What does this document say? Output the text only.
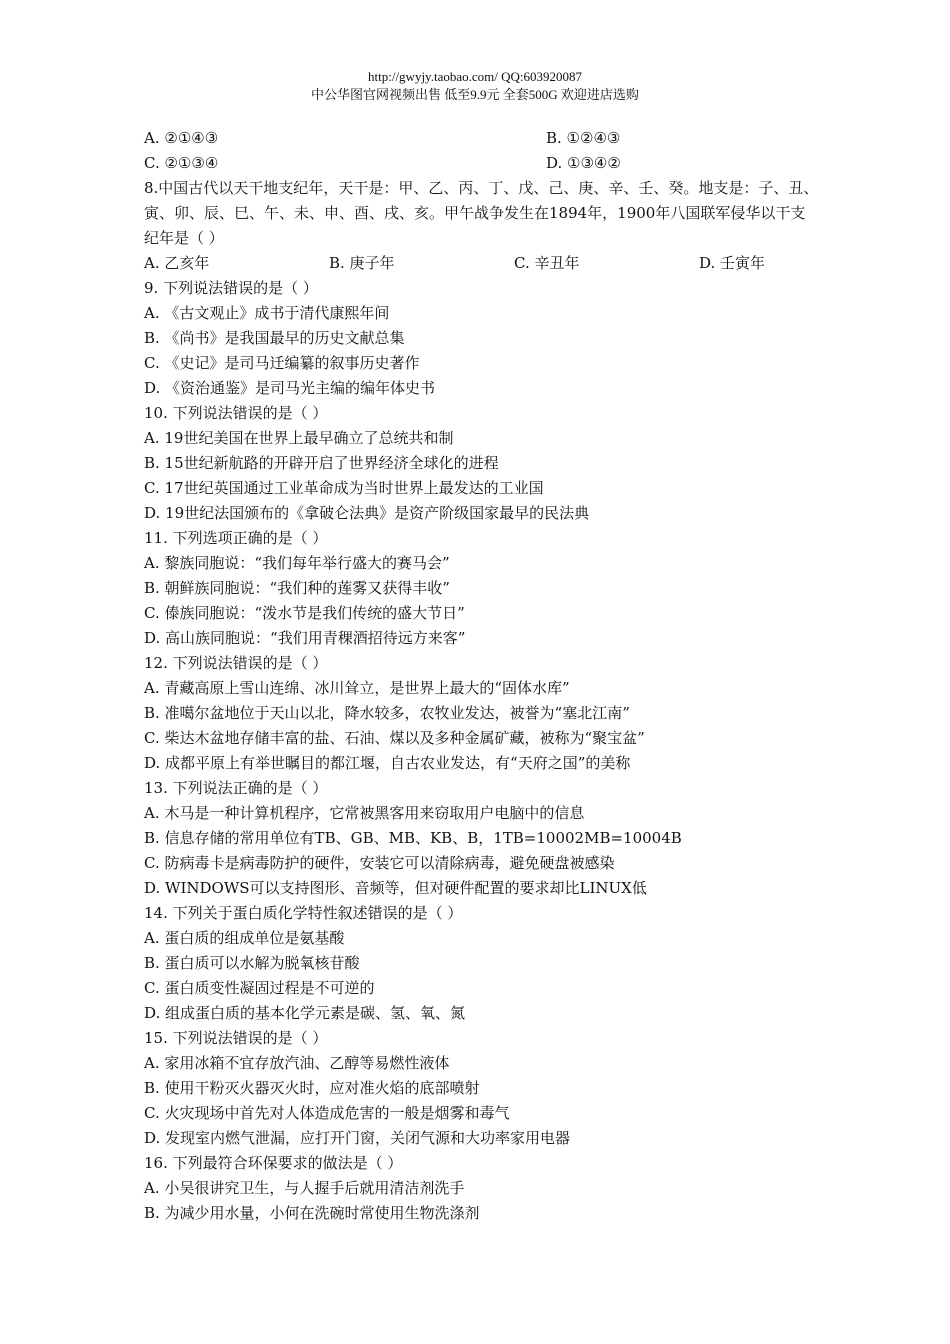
http://gwyjy.taobao.com/ QQ:603920087
中公华图官网视频出售 低至9.9元 全套500G 欢迎进店选购
A. ②①④③	B. ①②④③
C. ②①③④	D. ①③④②
8.中国古代以天干地支纪年，天干是：甲、乙、丙、丁、戊、己、庚、辛、壬、癸。地支是：子、丑、
寅、卯、辰、巳、午、未、申、酉、戌、亥。甲午战争发生在1894年，1900年八国联军侵华以干支
纪年是（ ）
A. 乙亥年	B. 庚子年	C. 辛丑年	D. 壬寅年
9. 下列说法错误的是（ ）
A. 《古文观止》成书于清代康熙年间
B. 《尚书》是我国最早的历史文献总集
C. 《史记》是司马迁编纂的叙事历史著作
D. 《资治通鉴》是司马光主编的编年体史书
10. 下列说法错误的是（ ）
A. 19世纪美国在世界上最早确立了总统共和制
B. 15世纪新航路的开辟开启了世界经济全球化的进程
C. 17世纪英国通过工业革命成为当时世界上最发达的工业国
D. 19世纪法国颁布的《拿破仑法典》是资产阶级国家最早的民法典
11. 下列选项正确的是（ ）
A. 黎族同胞说：“我们每年举行盛大的赛马会”
B. 朝鲜族同胞说：“我们种的莲雾又获得丰收”
C. 傣族同胞说：“泼水节是我们传统的盛大节日”
D. 高山族同胞说：“我们用青稞酒招待远方来客”
12. 下列说法错误的是（ ）
A. 青藏高原上雪山连绵、冰川耸立，是世界上最大的“固体水库”
B. 准噶尔盆地位于天山以北，降水较多，农牧业发达，被誉为“塞北江南”
C. 柴达木盆地存储丰富的盐、石油、煤以及多种金属矿藏，被称为“聚宝盆”
D. 成都平原上有举世瞩目的都江堰，自古农业发达，有“天府之国”的美称
13. 下列说法正确的是（ ）
A. 木马是一种计算机程序，它常被黑客用来窃取用户电脑中的信息
B. 信息存储的常用单位有TB、GB、MB、KB、B，1TB=10002MB=10004B
C. 防病毒卡是病毒防护的硬件，安装它可以清除病毒，避免硬盘被感染
D. WINDOWS可以支持图形、音频等，但对硬件配置的要求却比LINUX低
14. 下列关于蛋白质化学特性叙述错误的是（ ）
A. 蛋白质的组成单位是氨基酸
B. 蛋白质可以水解为脱氧核苷酸
C. 蛋白质变性凝固过程是不可逆的
D. 组成蛋白质的基本化学元素是碳、氢、氧、氮
15. 下列说法错误的是（ ）
A. 家用冰箱不宜存放汽油、乙醇等易燃性液体
B. 使用干粉灭火器灭火时，应对准火焰的底部喷射
C. 火灾现场中首先对人体造成危害的一般是烟雾和毒气
D. 发现室内燃气泄漏，应打开门窗，关闭气源和大功率家用电器
16. 下列最符合环保要求的做法是（ ）
A. 小吴很讲究卫生，与人握手后就用清洁剂洗手
B. 为减少用水量，小何在洗碗时常使用生物洗涤剂
